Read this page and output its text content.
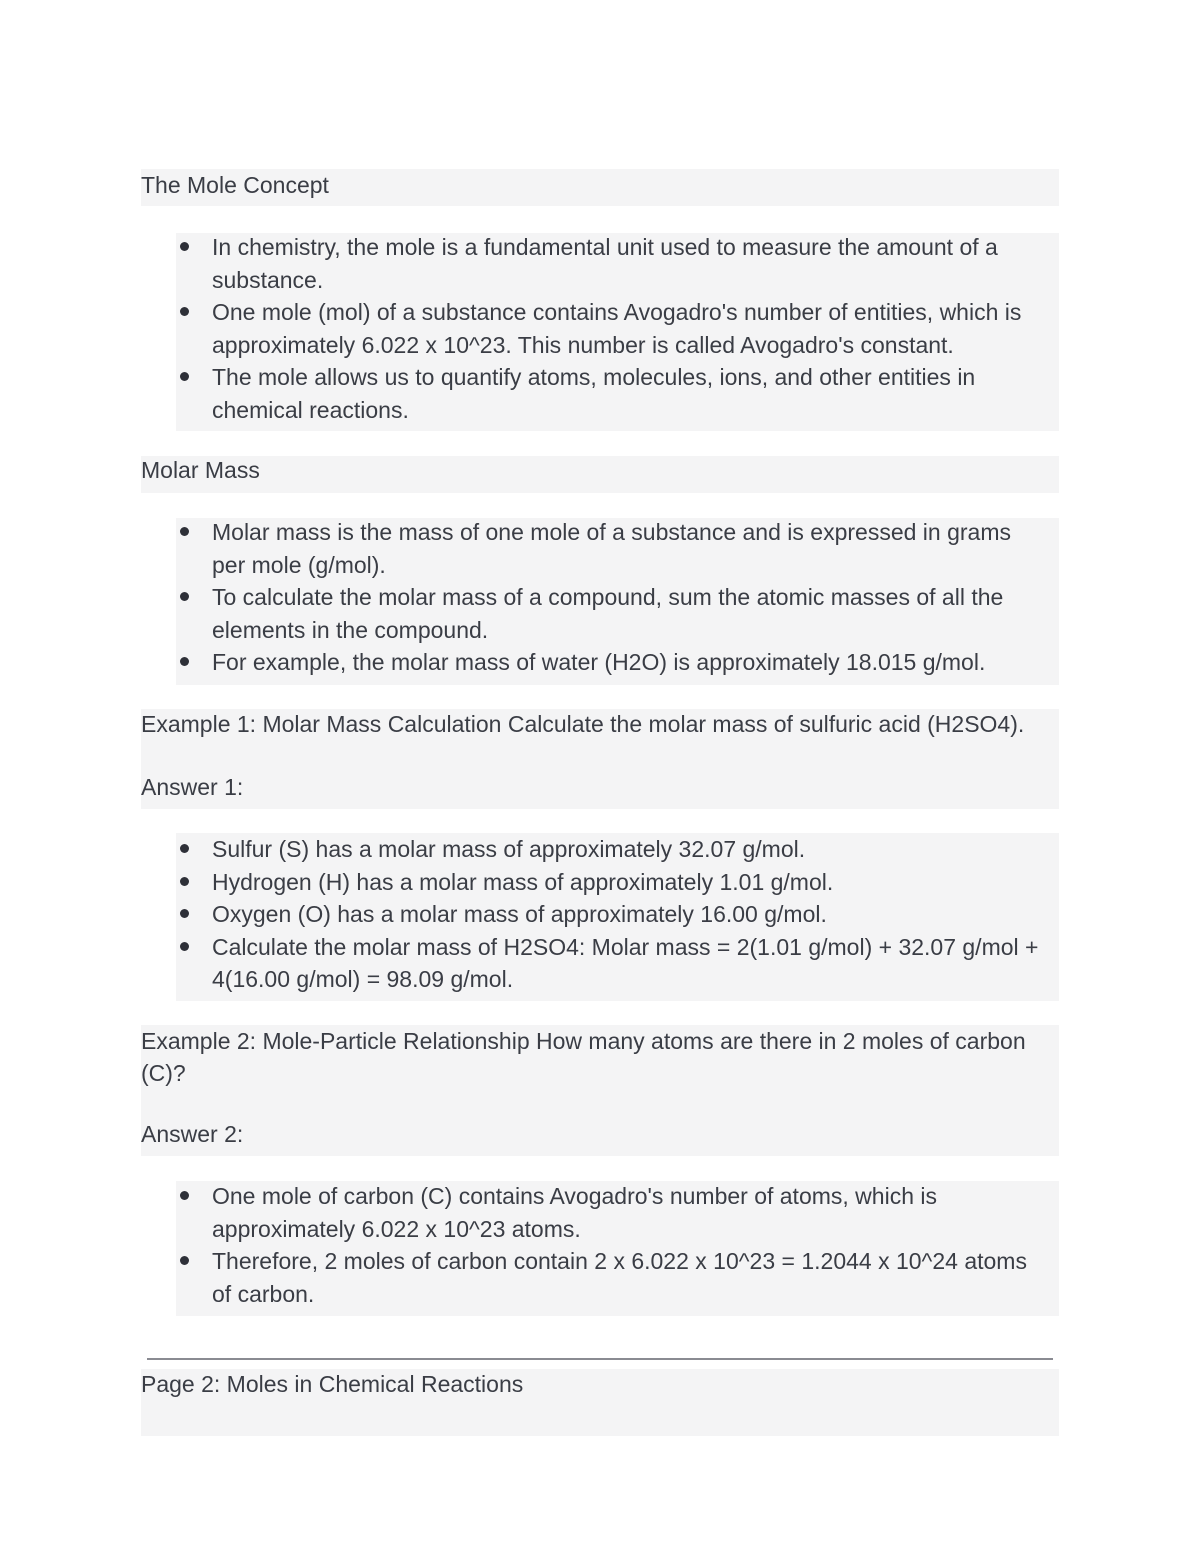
The Mole Concept

In chemistry, the mole is a fundamental unit used to measure the amount of a substance.
One mole (mol) of a substance contains Avogadro's number of entities, which is approximately 6.022 x 10^23. This number is called Avogadro's constant.
The mole allows us to quantify atoms, molecules, ions, and other entities in chemical reactions.

Molar Mass

Molar mass is the mass of one mole of a substance and is expressed in grams per mole (g/mol).
To calculate the molar mass of a compound, sum the atomic masses of all the elements in the compound.
For example, the molar mass of water (H2O) is approximately 18.015 g/mol.

Example 1: Molar Mass Calculation Calculate the molar mass of sulfuric acid (H2SO4).

Answer 1:

Sulfur (S) has a molar mass of approximately 32.07 g/mol.
Hydrogen (H) has a molar mass of approximately 1.01 g/mol.
Oxygen (O) has a molar mass of approximately 16.00 g/mol.
Calculate the molar mass of H2SO4: Molar mass = 2(1.01 g/mol) + 32.07 g/mol + 4(16.00 g/mol) = 98.09 g/mol.

Example 2: Mole-Particle Relationship How many atoms are there in 2 moles of carbon (C)?

Answer 2:

One mole of carbon (C) contains Avogadro's number of atoms, which is approximately 6.022 x 10^23 atoms.
Therefore, 2 moles of carbon contain 2 x 6.022 x 10^23 = 1.2044 x 10^24 atoms of carbon.

Page 2: Moles in Chemical Reactions
